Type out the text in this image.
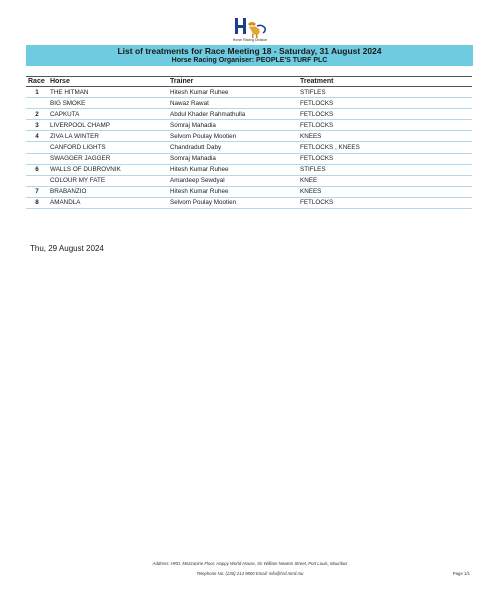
Horse Racing Division
List of treatments for Race Meeting 18 - Saturday, 31 August 2024
Horse Racing Organiser: PEOPLE'S TURF PLC
Race	Horse	Trainer	Treatment
1	THE HITMAN	Hitesh Kumar Ruhee	STIFLES
	BIG SMOKE	Nawaz Rawat	FETLOCKS
2	CAPKUTA	Abdul Khader Rahmathulla	FETLOCKS
3	LIVERPOOL CHAMP	Somraj Mahadia	FETLOCKS
4	ZIVA LA WINTER	Selvom Poulay Mootien	KNEES
	CANFORD LIGHTS	Chandradutt Daby	FETLOCKS , KNEES
	SWAGGER JAGGER	Somraj Mahadia	FETLOCKS
6	WALLS OF DUBROVNIK	Hitesh Kumar Ruhee	STIFLES
	COLOUR MY FATE	Amardeep Sewdyal	KNEE
7	BRABANZIO	Hitesh Kumar Ruhee	KNEES
8	AMANDLA	Selvom Poulay Mootien	FETLOCKS
Thu, 29 August 2024
Address: HRD, Mezzanine Floor, Happy World House, Sir William Newton Street, Port Louis, Mauritius
Telephone No: (230) 214 9800 Email: info@hrd.mtrd.mu	Page 1/1
